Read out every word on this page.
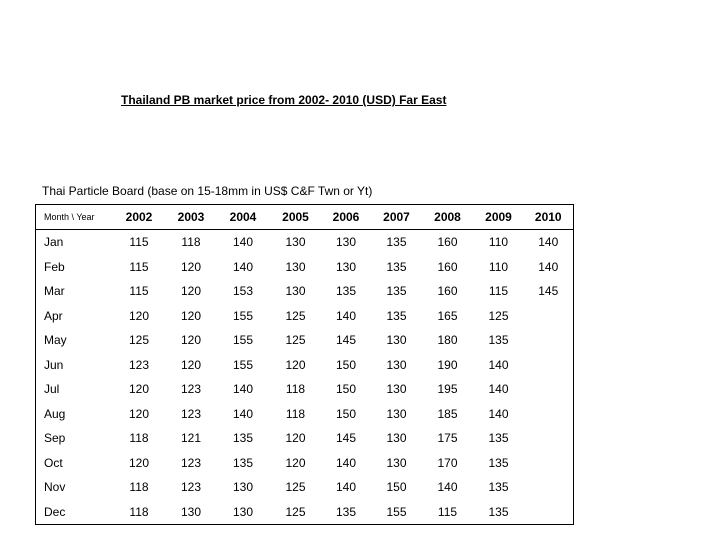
Thailand PB market price from 2002- 2010 (USD) Far East
Thai Particle Board (base on 15-18mm in US$ C&F Twn or Yt)
Month \ Year	2002	2003	2004	2005	2006	2007	2008	2009	2010
Jan	115	118	140	130	130	135	160	110	140
Feb	115	120	140	130	130	135	160	110	140
Mar	115	120	153	130	135	135	160	115	145
Apr	120	120	155	125	140	135	165	125	
May	125	120	155	125	145	130	180	135	
Jun	123	120	155	120	150	130	190	140	
Jul	120	123	140	118	150	130	195	140	
Aug	120	123	140	118	150	130	185	140	
Sep	118	121	135	120	145	130	175	135	
Oct	120	123	135	120	140	130	170	135	
Nov	118	123	130	125	140	150	140	135	
Dec	118	130	130	125	135	155	115	135	
